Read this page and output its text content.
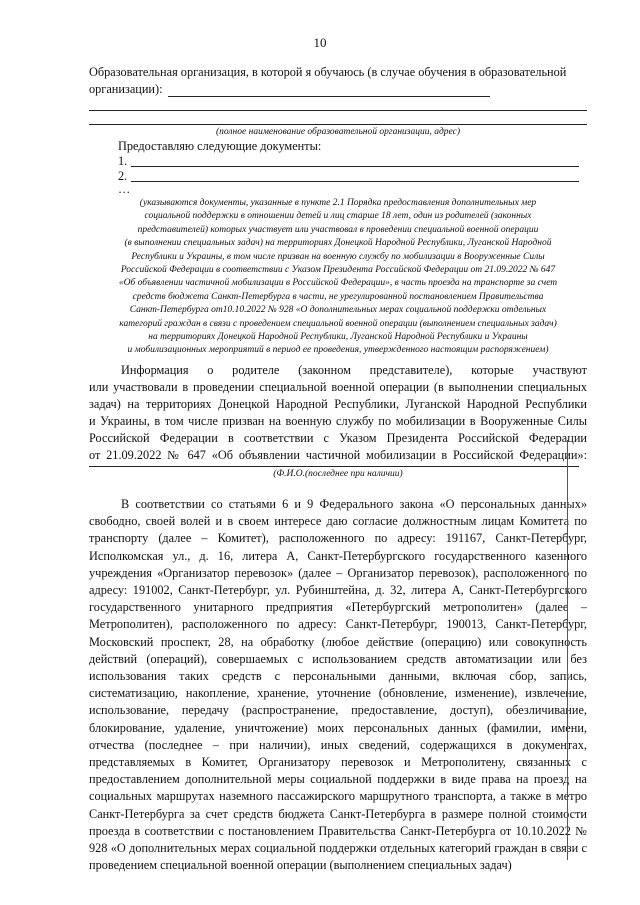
10
Образовательная организация, в которой я обучаюсь (в случае обучения в образовательной
организации):
(полное наименование образовательной организации, адрес)
Предоставляю следующие документы:
1.
2.
…
(указываются документы, указанные в пункте 2.1 Порядка предоставления дополнительных мер
социальной поддержки в отношении детей и лиц старше 18 лет, один из родителей (законных
представителей) которых участвует или участвовал в проведении специальной военной операции
(в выполнении специальных задач) на территориях Донецкой Народной Республики, Луганской Народной
Республики и Украины, в том числе призван на военную службу по мобилизации в Вооруженные Силы
Российской Федерации в соответствии с Указом Президента Российской Федерации от 21.09.2022 № 647
«Об объявлении частичной мобилизации в Российской Федерации», в часть проезда на транспорте за счет
средств бюджета Санкт-Петербурга в части, не урегулированной постановлением Правительства
Санкт-Петербурга от10.10.2022 № 928 «О дополнительных мерах социальной поддержки отдельных
категорий граждан в связи с проведением специальной военной операции (выполнением специальных задач)
на территориях Донецкой Народной Республики, Луганской Народной Республики и Украины
и мобилизационных мероприятий в период ее проведения, утвержденного настоящим распоряжением)
Информация о родителе (законном представителе), которые участвуют
или участвовали в проведении специальной военной операции (в выполнении специальных
задач) на территориях Донецкой Народной Республики, Луганской Народной Республики
и Украины, в том числе призван на военную службу по мобилизации в Вооруженные Силы
Российской Федерации в соответствии с Указом Президента Российской Федерации
от 21.09.2022 № 647 «Об объявлении частичной мобилизации в Российской Федерации»:
(Ф.И.О.(последнее при наличии)

В соответствии со статьями 6 и 9 Федерального закона «О персональных данных» свободно, своей волей и в своем интересе даю согласие должностным лицам Комитета по транспорту (далее – Комитет), расположенного по адресу: 191167, Санкт-Петербург, Исполкомская ул., д. 16, литера А, Санкт-Петербургского государственного казенного учреждения «Организатор перевозок» (далее – Организатор перевозок), расположенного по адресу: 191002, Санкт-Петербург, ул. Рубинштейна, д. 32, литера А, Санкт-Петербургского государственного унитарного предприятия «Петербургский метрополитен» (далее – Метрополитен), расположенного по адресу: Санкт-Петербург, 190013, Санкт-Петербург, Московский проспект, 28, на обработку (любое действие (операцию) или совокупность действий (операций), совершаемых с использованием средств автоматизации или без использования таких средств с персональными данными, включая сбор, запись, систематизацию, накопление, хранение, уточнение (обновление, изменение), извлечение, использование, передачу (распространение, предоставление, доступ), обезличивание, блокирование, удаление, уничтожение) моих персональных данных (фамилии, имени, отчества (последнее – при наличии), иных сведений, содержащихся в документах, представляемых в Комитет, Организатору перевозок и Метрополитену, связанных с предоставлением дополнительной меры социальной поддержки в виде права на проезд на социальных маршрутах наземного пассажирского маршрутного транспорта, а также в метро Санкт-Петербурга за счет средств бюджета Санкт-Петербурга в размере полной стоимости проезда в соответствии с постановлением Правительства Санкт-Петербурга от 10.10.2022 № 928 «О дополнительных мерах социальной поддержки отдельных категорий граждан в связи с проведением специальной военной операции (выполнением специальных задач)
